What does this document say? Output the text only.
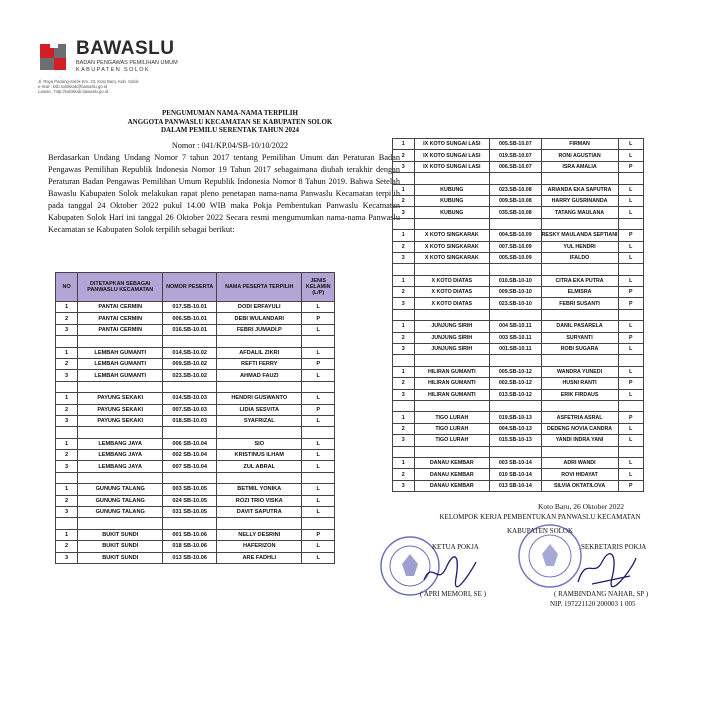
BAWASLU
BADAN PENGAWAS PEMILIHAN UMUM
KABUPATEN SOLOK
Jl. Raya Padang-Solok Km. 23, Koto Baru, Kab. Solok
e-mail : ksb.solokkab@bawaslu.go.id
Laman : http://solokkab.bawaslu.go.id
PENGUMUMAN NAMA-NAMA TERPILIH
ANGGOTA PANWASLU KECAMATAN SE KABUPATEN SOLOK
DALAM PEMILU SERENTAK TAHUN 2024
Nomor : 041/KP.04/SB-10/10/2022
Berdasarkan Undang Undang Nomor 7 tahun 2017 tentang Pemilihan Umum dan Peraturan Badan Pengawas Pemilihan Republik Indonesia Nomor 19 Tahun 2017 sebagaimana diubah terakhir dengan Peraturan Badan Pengawas Pemilihan Umum Republik Indonesia Nomor 8 Tahun 2019. Bahwa Setelah Bawaslu Kabupaten Solok melakukan rapat pleno penetapan nama-nama Panwaslu Kecamatan terpilih pada tanggal 24 Oktober 2022 pukul 14.00 WIB maka Pokja Pembentukan Panwaslu Kecamatan Kabupaten Solok Hari ini tanggal 26 Oktober 2022 Secara resmi mengumumkan nama-nama Panwaslu Kecamatan se Kabupaten Solok terpilih sebagai berikut:
NO	DITETAPKAN SEBAGAI PANWASLU KECAMATAN	NOMOR PESERTA	NAMA PESERTA TERPILIH	JENIS KELAMIN (L/P)
1	PANTAI CERMIN	017.SB-10.01	DODI ERFAYULI	L
2	PANTAI CERMIN	006.SB-10.01	DEBI WULANDARI	P
3	PANTAI CERMIN	016.SB-10.01	FEBRI JUMADI.P	L

1	LEMBAH GUMANTI	014.SB-10.02	AFDALIL ZIKRI	L
2	LEMBAH GUMANTI	009.SB-10.02	REFTI FERRY	P
3	LEMBAH GUMANTI	023.SB-10.02	AHMAD FAUZI	L

1	PAYUNG SEKAKI	014.SB-10.03	HENDRI GUSWANTO	L
2	PAYUNG SEKAKI	007.SB-10.03	LIDIA SESVITA	P
3	PAYUNG SEKAKI	018.SB-10.03	SYAFRIZAL	L

1	LEMBANG JAYA	006 SB-10.04	SIO	L
2	LEMBANG JAYA	002 SB-10.04	KRISTINUS ILHAM	L
3	LEMBANG JAYA	007 SB-10.04	ZUL ABRAL	L

1	GUNUNG TALANG	003 SB-10.05	BETMIL YONIKA	L
2	GUNUNG TALANG	024 SB-10.05	ROZI TRIO VISKA	L
3	GUNUNG TALANG	031 SB-10.05	DAVIT SAPUTRA	L

1	BUKIT SUNDI	001 SB-10.06	NELLY DESRINI	P
2	BUKIT SUNDI	018 SB-10.06	HAFERIZON	L
3	BUKIT SUNDI	013 SB-10.06	ARE FADHLI	L
1	IX KOTO SUNGAI LASI	005.SB-10.07	FIRMAN	L
2	IX KOTO SUNGAI LASI	019.SB-10.07	RONI AGUSTIAN	L
3	IX KOTO SUNGAI LASI	006.SB-10.07	ISRA AMALIA	P

1	KUBUNG	023.SB-10.08	ARIANDA EKA SAPUTRA	L
2	KUBUNG	009.SB-10.08	HARRY GUSRINANDA	L
3	KUBUNG	035.SB-10.08	TATANG MAULANA	L

1	X KOTO SINGKARAK	004.SB-10.09	RESKY MAULANDA SEPTIANI	P
2	X KOTO SINGKARAK	007.SB-10.09	YUL HENDRI	L
3	X KOTO SINGKARAK	005.SB-10.09	IFALDO	L

1	X KOTO DIATAS	010.SB-10-10	CITRA EKA PUTRA	L
2	X KOTO DIATAS	009.SB-10-10	ELMISRA	P
3	X KOTO DIATAS	023.SB-10-10	FEBRI SUSANTI	P

1	JUNJUNG SIRIH	004 SB-10.11	DANIL PASARELA	L
2	JUNJUNG SIRIH	003 SB-10.11	SURYANTI	P
3	JUNJUNG SIRIH	001.SB-10.11	ROBI SUGARA	L

1	HILIRAN GUMANTI	005.SB-10-12	WANDRA YUNEDI	L
2	HILIRAN GUMANTI	002.SB-10-12	HUSNI RANTI	P
3	HILIRAN GUMANTI	013.SB-10-12	ERIK FIRDAUS	L

1	TIGO LURAH	019.SB-10-13	ASFETRIA ASRAL	P
2	TIGO LURAH	004.SB-10-13	DEDENG NOVIA CANDRA	L
3	TIGO LURAH	015.SB-10-13	YANDI INDRA YANI	L

1	DANAU KEMBAR	003 SB-10-14	ADRI WANDI	L
2	DANAU KEMBAR	010 SB-10-14	ROVI HIDAYAT	L
3	DANAU KEMBAR	013 SB-10-14	SILVIA OKTATILOVA	P
Koto Baru, 26 Oktober 2022
KELOMPOK KERJA PEMBENTUKAN PANWASLU KECAMATAN
KABUPATEN SOLOK
KETUA POKJA	SEKRETARIS POKJA
( APRI MEMORI, SE )	( RAMBINDANG NAHAR, SP )
NIP. 197221120 200003 1 005
